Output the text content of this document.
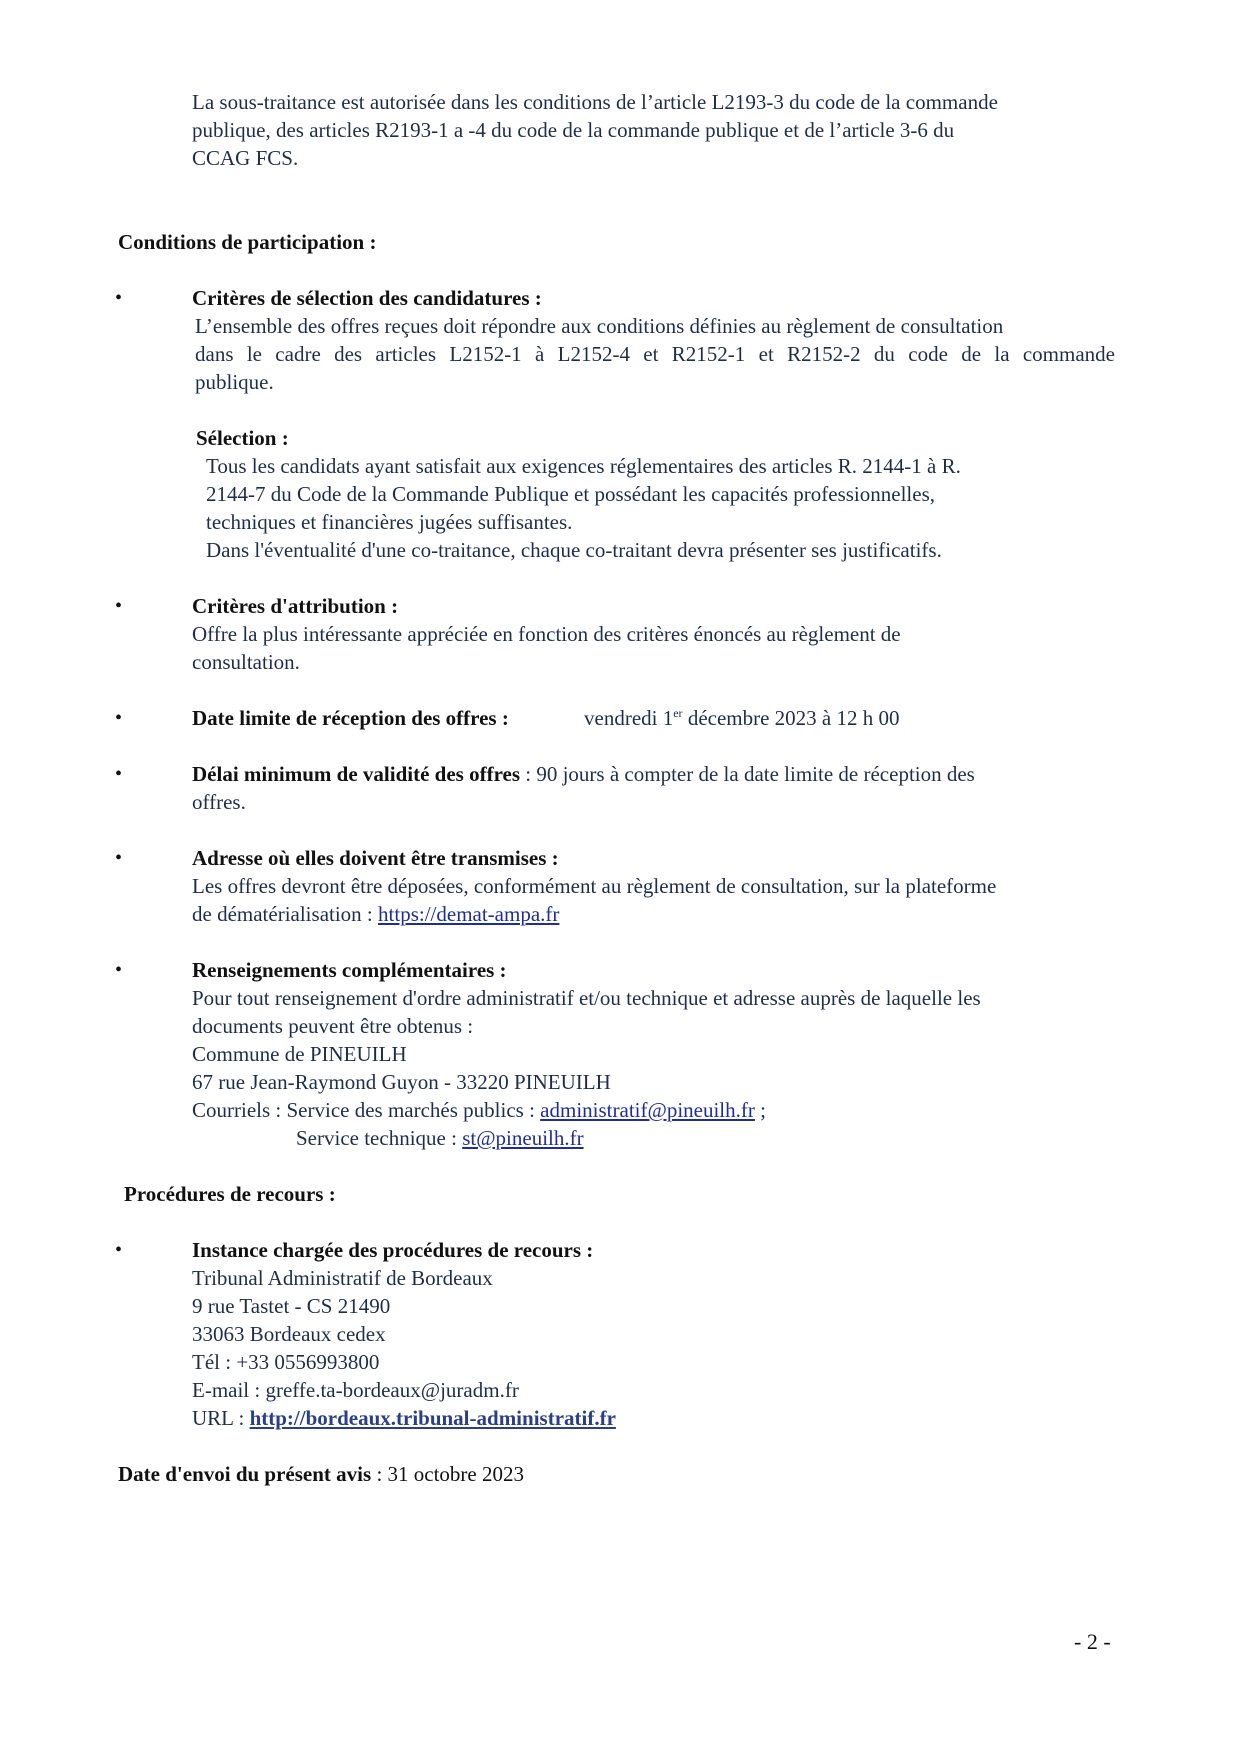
La sous-traitance est autorisée dans les conditions de l’article L2193-3 du code de la commande
publique, des articles R2193-1 a -4 du code de la commande publique et de l’article 3-6 du
CCAG FCS.
Conditions de participation :
•	Critères de sélection des candidatures :
L’ensemble des offres reçues doit répondre aux conditions définies au règlement de consultation
dans le cadre des articles L2152-1 à L2152-4 et R2152-1 et R2152-2 du code de la commande
publique.
Sélection :
Tous les candidats ayant satisfait aux exigences réglementaires des articles R. 2144-1 à R.
2144-7 du Code de la Commande Publique et possédant les capacités professionnelles,
techniques et financières jugées suffisantes.
Dans l'éventualité d'une co-traitance, chaque co-traitant devra présenter ses justificatifs.
•	Critères d'attribution :
Offre la plus intéressante appréciée en fonction des critères énoncés au règlement de
consultation.
•	Date limite de réception des offres :	vendredi 1er décembre 2023 à 12 h 00
•	Délai minimum de validité des offres : 90 jours à compter de la date limite de réception des
offres.
•	Adresse où elles doivent être transmises :
Les offres devront être déposées, conformément au règlement de consultation, sur la plateforme
de dématérialisation : https://demat-ampa.fr
•	Renseignements complémentaires :
Pour tout renseignement d'ordre administratif et/ou technique et adresse auprès de laquelle les
documents peuvent être obtenus :
Commune de PINEUILH
67 rue Jean-Raymond Guyon - 33220 PINEUILH
Courriels : Service des marchés publics : administratif@pineuilh.fr ;
Service technique : st@pineuilh.fr
Procédures de recours :
•	Instance chargée des procédures de recours :
Tribunal Administratif de Bordeaux
9 rue Tastet - CS 21490
33063 Bordeaux cedex
Tél : +33 0556993800
E-mail : greffe.ta-bordeaux@juradm.fr
URL : http://bordeaux.tribunal-administratif.fr
Date d'envoi du présent avis : 31 octobre 2023
- 2 -
